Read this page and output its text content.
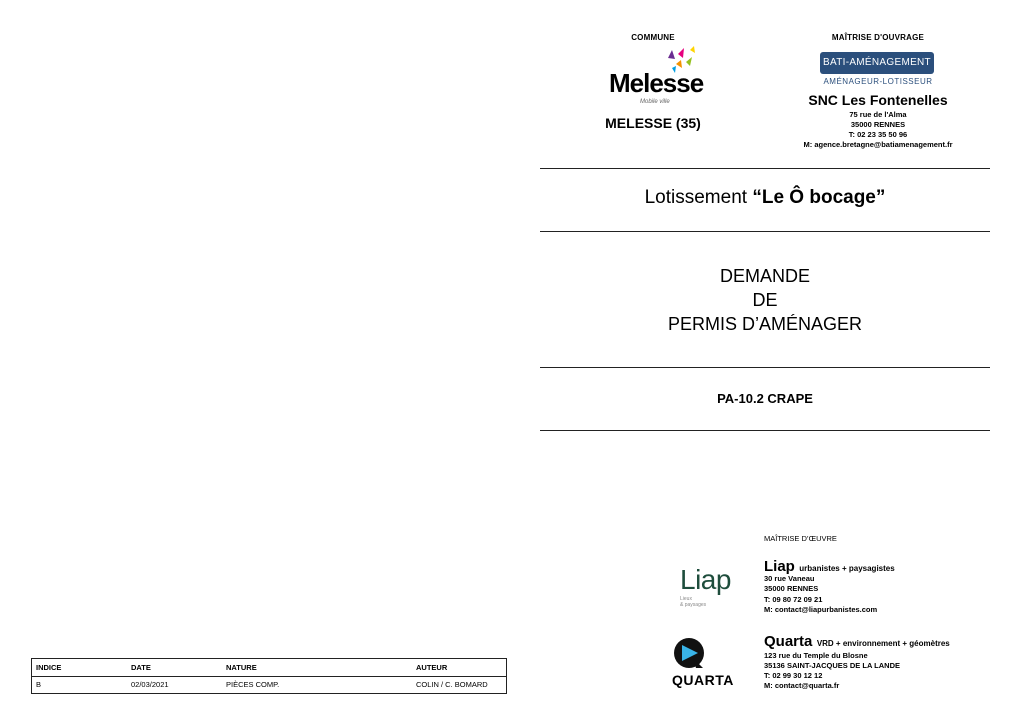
COMMUNE
Melesse
Mobile ville
MELESSE (35)
MAÎTRISE D'OUVRAGE
BATI-AMÉNAGEMENT
AMÉNAGEUR-LOTISSEUR
SNC Les Fontenelles
75 rue de l'Alma
35000 RENNES
T: 02 23 35 50 96
M: agence.bretagne@batiamenagement.fr
Lotissement “Le Ô bocage”
DEMANDE
DE
PERMIS D’AMÉNAGER
PA-10.2 CRAPE
MAÎTRISE D’ŒUVRE
Liap
Lieux
& paysages
Liap urbanistes + paysagistes
30 rue Vaneau
35000 RENNES
T: 09 80 72 09 21
M: contact@liapurbanistes.com
QUARTA
Quarta VRD + environnement + géomètres
123 rue du Temple du Blosne
35136 SAINT-JACQUES DE LA LANDE
T: 02 99 30 12 12
M: contact@quarta.fr
INDICE	DATE	NATURE	AUTEUR
B	02/03/2021	PIÈCES COMP.	COLIN / C. BOMARD
